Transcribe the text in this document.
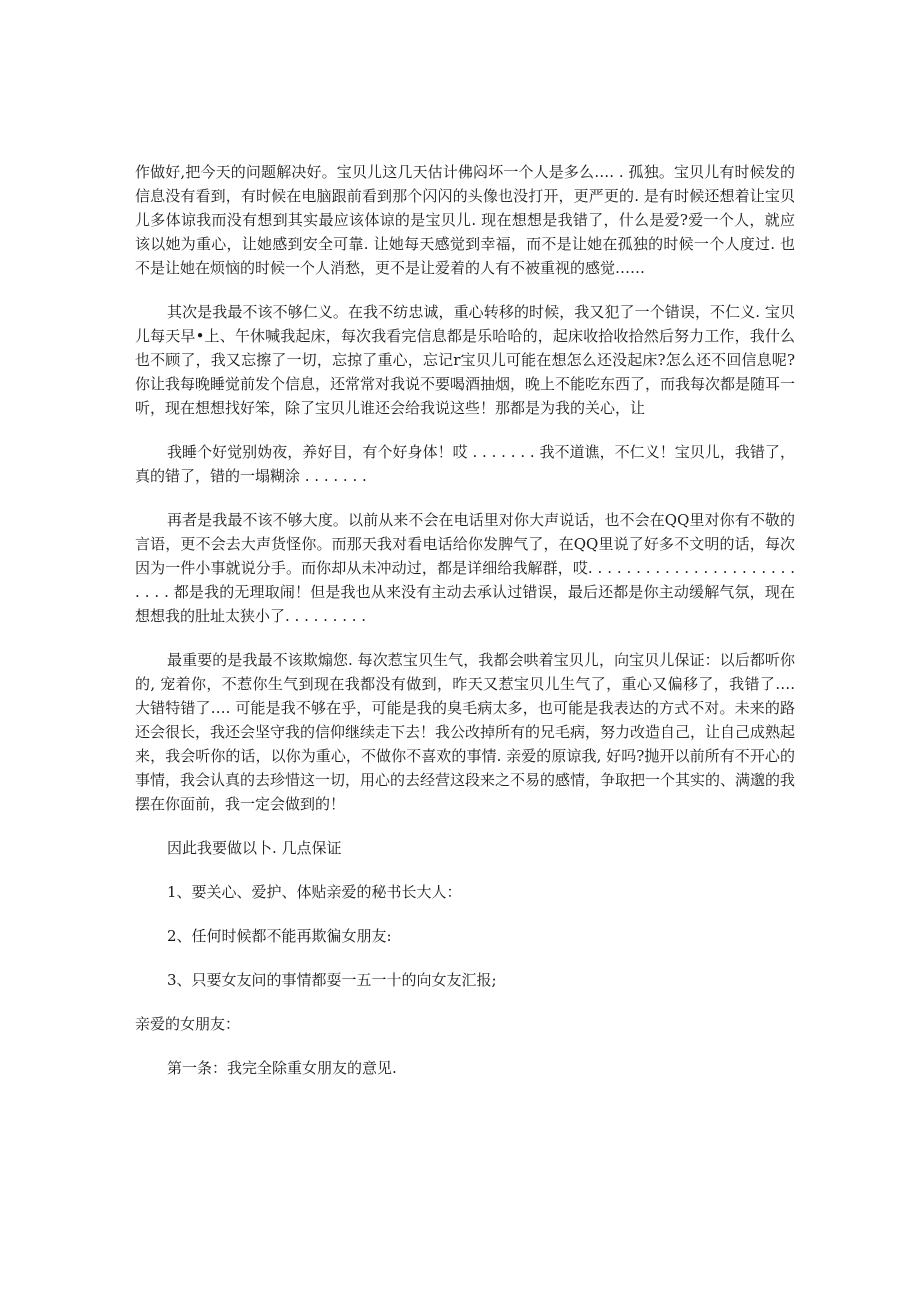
作做好,把今天的问题解决好。宝贝儿这几天估计佛闷坏一个人是多么…. . 孤独。宝贝儿有时候发的信息没有看到，有时候在电脑跟前看到那个闪闪的头像也没打开，更严更的. 是有时候还想着让宝贝儿多体谅我而没有想到其实最应该体谅的是宝贝儿. 现在想想是我错了，什么是爱?爱一个人，就应该以她为重心，让她感到安全可靠. 让她每天感觉到幸福，而不是让她在孤独的时候一个人度过. 也不是让她在烦恼的时候一个人消愁，更不是让爱着的人有不被重视的感觉……

其次是我最不该不够仁义。在我不纺忠诚，重心转移的时候，我又犯了一个错误，不仁义. 宝贝儿每天早•上、午休喊我起床，每次我看完信息都是乐哈哈的，起床收拾收拾然后努力工作，我什么也不顾了，我又忘擦了一切，忘掠了重心，忘记r宝贝儿可能在想怎么还没起床?怎么还不回信息呢?你让我每晚睡觉前发个信息，还常常对我说不要喝酒抽烟，晚上不能吃东西了，而我每次都是随耳一听，现在想想找好笨，除了宝贝儿谁还会给我说这些！那都是为我的关心，让

我睡个好觉别妫夜，养好目，有个好身体！哎 . . . . . . . 我不道谯，不仁义！宝贝儿，我错了，真的错了，错的一塌糊涂 . . . . . . .

再者是我最不该不够大度。以前从来不会在电话里对你大声说话，也不会在QQ里对你有不敬的言语，更不会去大声货怪你。而那天我对看电话给你发脾气了，在QQ里说了好多不文明的话，每次因为一件小事就说分手。而你却从未冲动过，都是详细给我解群，哎. . . . . . . . . . . . . . . . . . . . . . . . . . 都是我的无理取闹！但是我也从来没有主动去承认过错误，最后还都是你主动缓解气氛，现在想想我的肚址太狭小了. . . . . . . . .

最重要的是我最不该欺煽您. 每次惹宝贝生气，我都会哄着宝贝儿，向宝贝儿保证：以后都听你的, 宠着你，不惹你生气到现在我都没有做到，昨天又惹宝贝儿生气了，重心又偏移了，我错了…. 大错特错了…. 可能是我不够在乎，可能是我的臭毛病太多，也可能是我表达的方式不对。未来的路还会很长，我还会坚守我的信仰继续走下去！我公改掉所有的兄毛病，努力改造自己，让自己成熟起来，我会听你的话，以你为重心，不做你不喜欢的事情. 亲爱的原谅我, 好吗?抛开以前所有不开心的事情，我会认真的去珍惜这一切，用心的去经营这段来之不易的感情，争取把一个其实的、满邈的我摆在你面前，我一定会做到的！

因此我要做以卜. 几点保证

1、要关心、爱护、体贴亲爱的秘书长大人：

2、任何时候都不能再欺徧女朋友:

3、只要女友问的事情都耍一五一十的向女友汇报;

亲爱的女朋友：

第一条：我完全除重女朋友的意见.
